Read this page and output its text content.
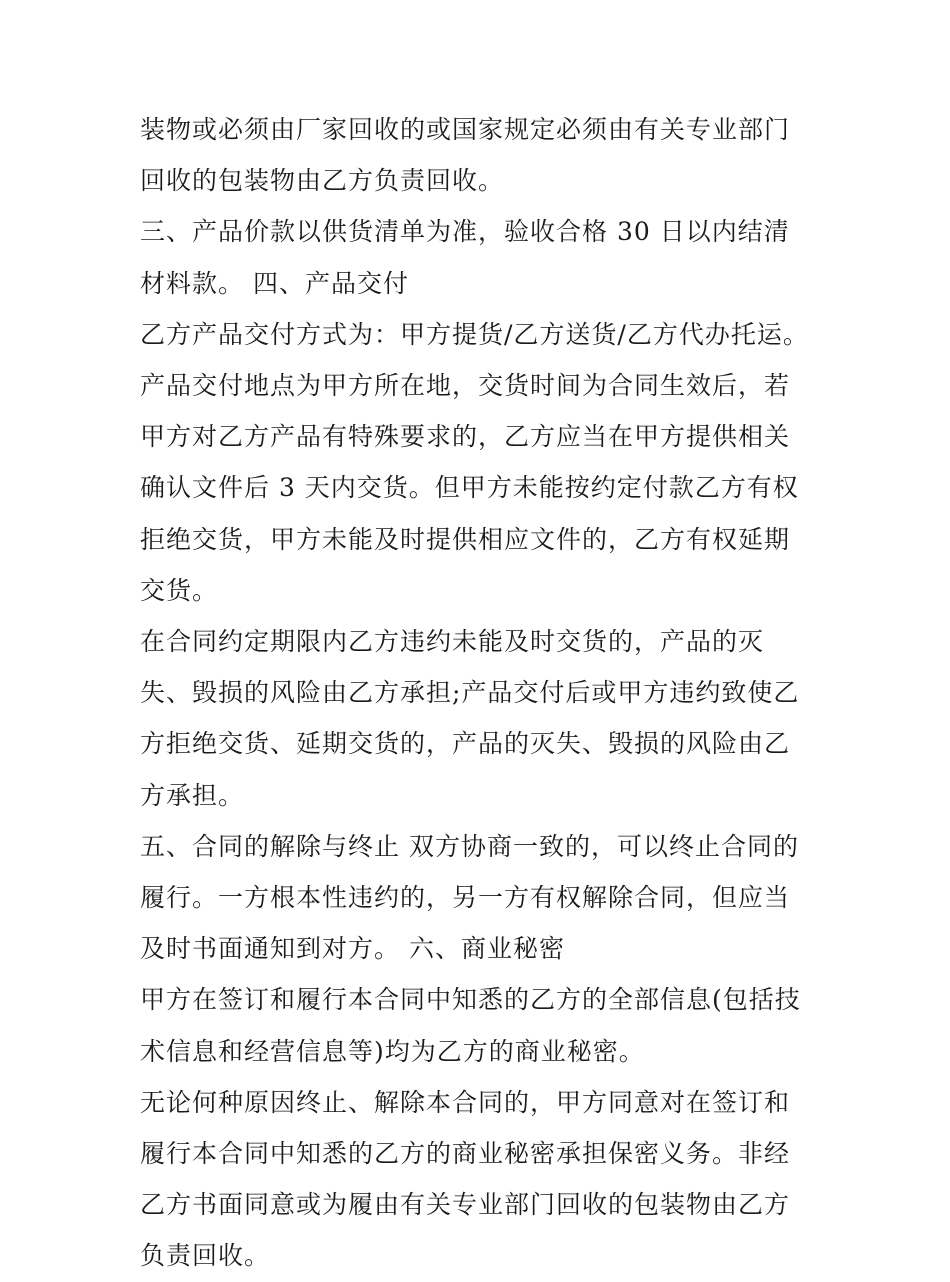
装物或必须由厂家回收的或国家规定必须由有关专业部门回收的包装物由乙方负责回收。

三、产品价款以供货清单为准，验收合格 30 日以内结清材料款。 四、产品交付

乙方产品交付方式为：甲方提货/乙方送货/乙方代办托运。产品交付地点为甲方所在地，交货时间为合同生效后，若甲方对乙方产品有特殊要求的，乙方应当在甲方提供相关确认文件后 3 天内交货。但甲方未能按约定付款乙方有权拒绝交货，甲方未能及时提供相应文件的，乙方有权延期交货。

在合同约定期限内乙方违约未能及时交货的，产品的灭失、毁损的风险由乙方承担;产品交付后或甲方违约致使乙方拒绝交货、延期交货的，产品的灭失、毁损的风险由乙方承担。

五、合同的解除与终止 双方协商一致的，可以终止合同的履行。一方根本性违约的，另一方有权解除合同，但应当及时书面通知到对方。 六、商业秘密

甲方在签订和履行本合同中知悉的乙方的全部信息(包括技术信息和经营信息等)均为乙方的商业秘密。

无论何种原因终止、解除本合同的，甲方同意对在签订和履行本合同中知悉的乙方的商业秘密承担保密义务。非经乙方书面同意或为履由有关专业部门回收的包装物由乙方负责回收。
